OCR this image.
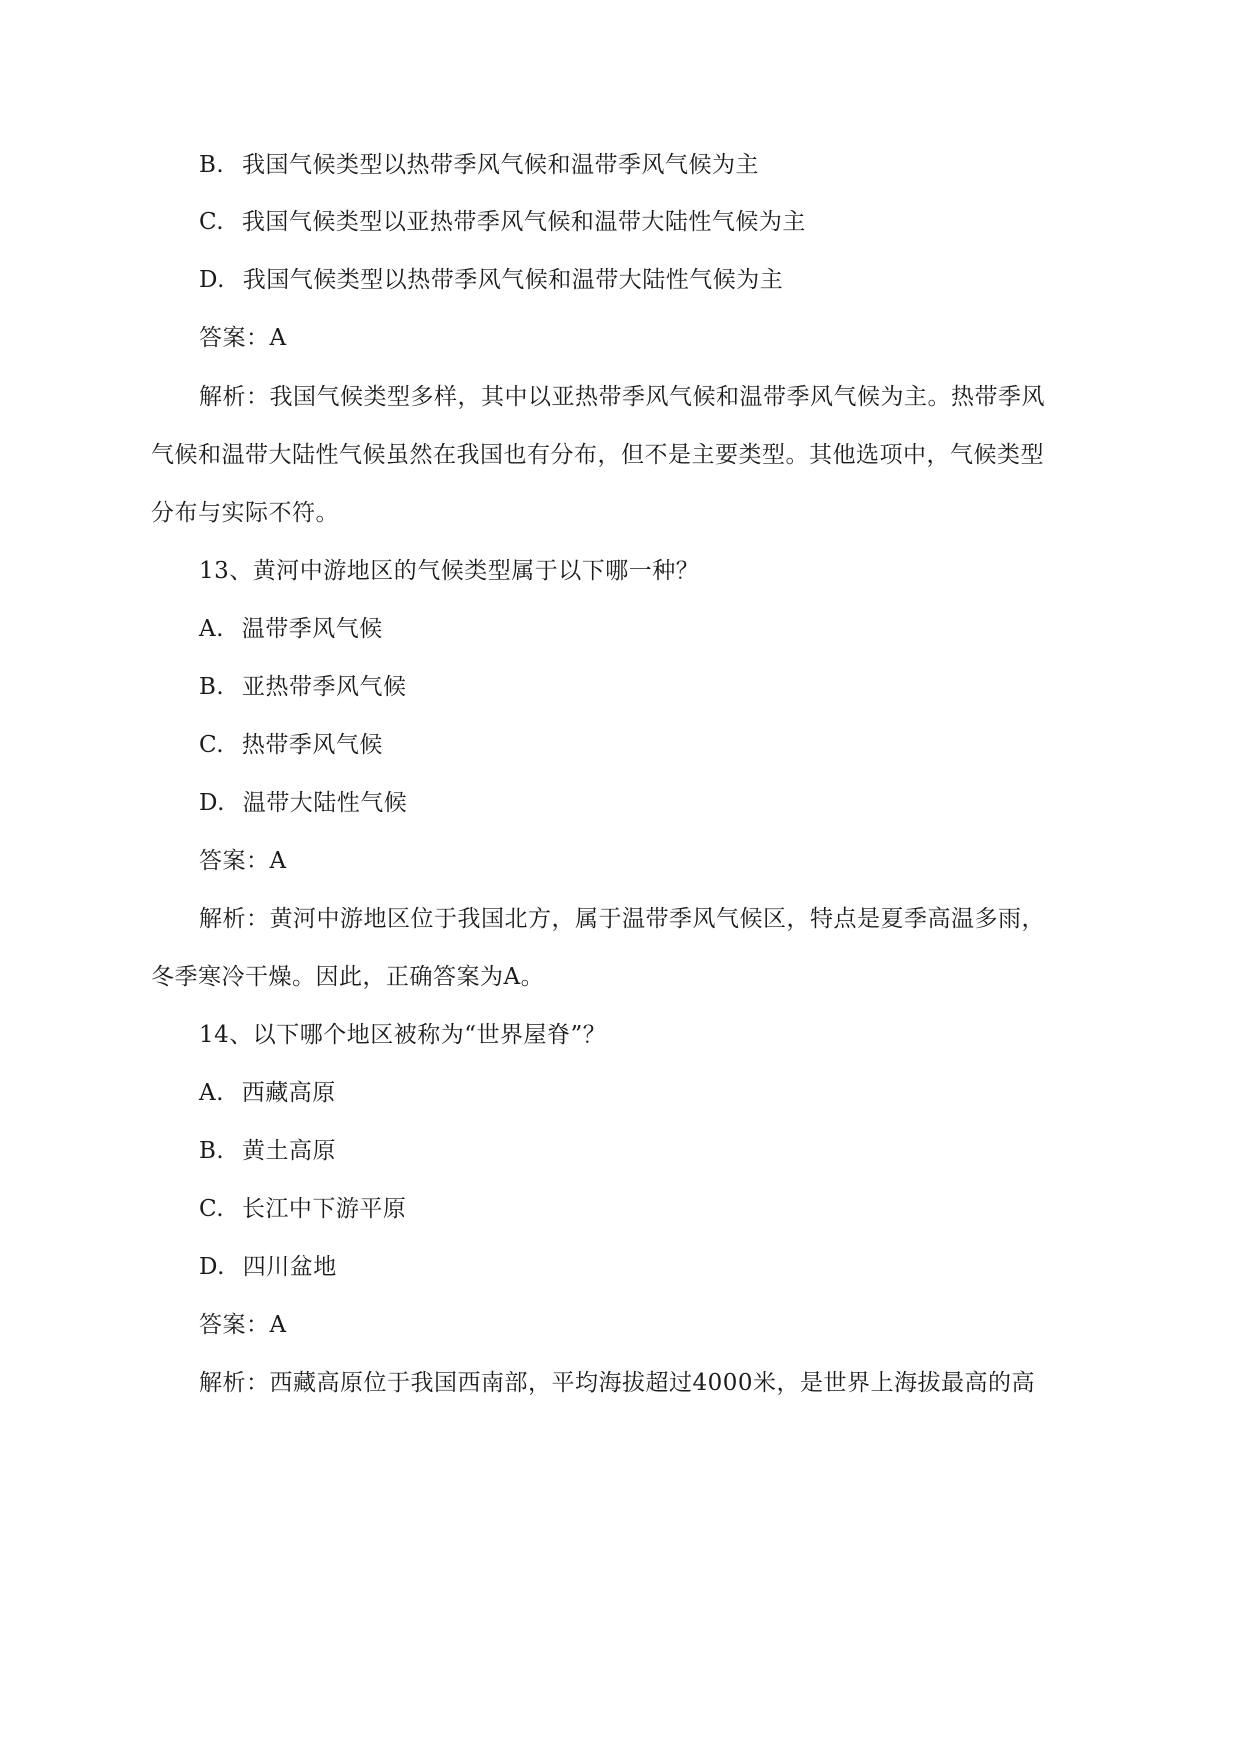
B. 我国气候类型以热带季风气候和温带季风气候为主
C. 我国气候类型以亚热带季风气候和温带大陆性气候为主
D. 我国气候类型以热带季风气候和温带大陆性气候为主
答案：A
解析：我国气候类型多样，其中以亚热带季风气候和温带季风气候为主。热带季风
气候和温带大陆性气候虽然在我国也有分布，但不是主要类型。其他选项中，气候类型
分布与实际不符。
13、黄河中游地区的气候类型属于以下哪一种？
A. 温带季风气候
B. 亚热带季风气候
C. 热带季风气候
D. 温带大陆性气候
答案：A
解析：黄河中游地区位于我国北方，属于温带季风气候区，特点是夏季高温多雨，
冬季寒冷干燥。因此，正确答案为A。
14、以下哪个地区被称为“世界屋脊”？
A. 西藏高原
B. 黄土高原
C. 长江中下游平原
D. 四川盆地
答案：A
解析：西藏高原位于我国西南部，平均海拔超过4000米，是世界上海拔最高的高
